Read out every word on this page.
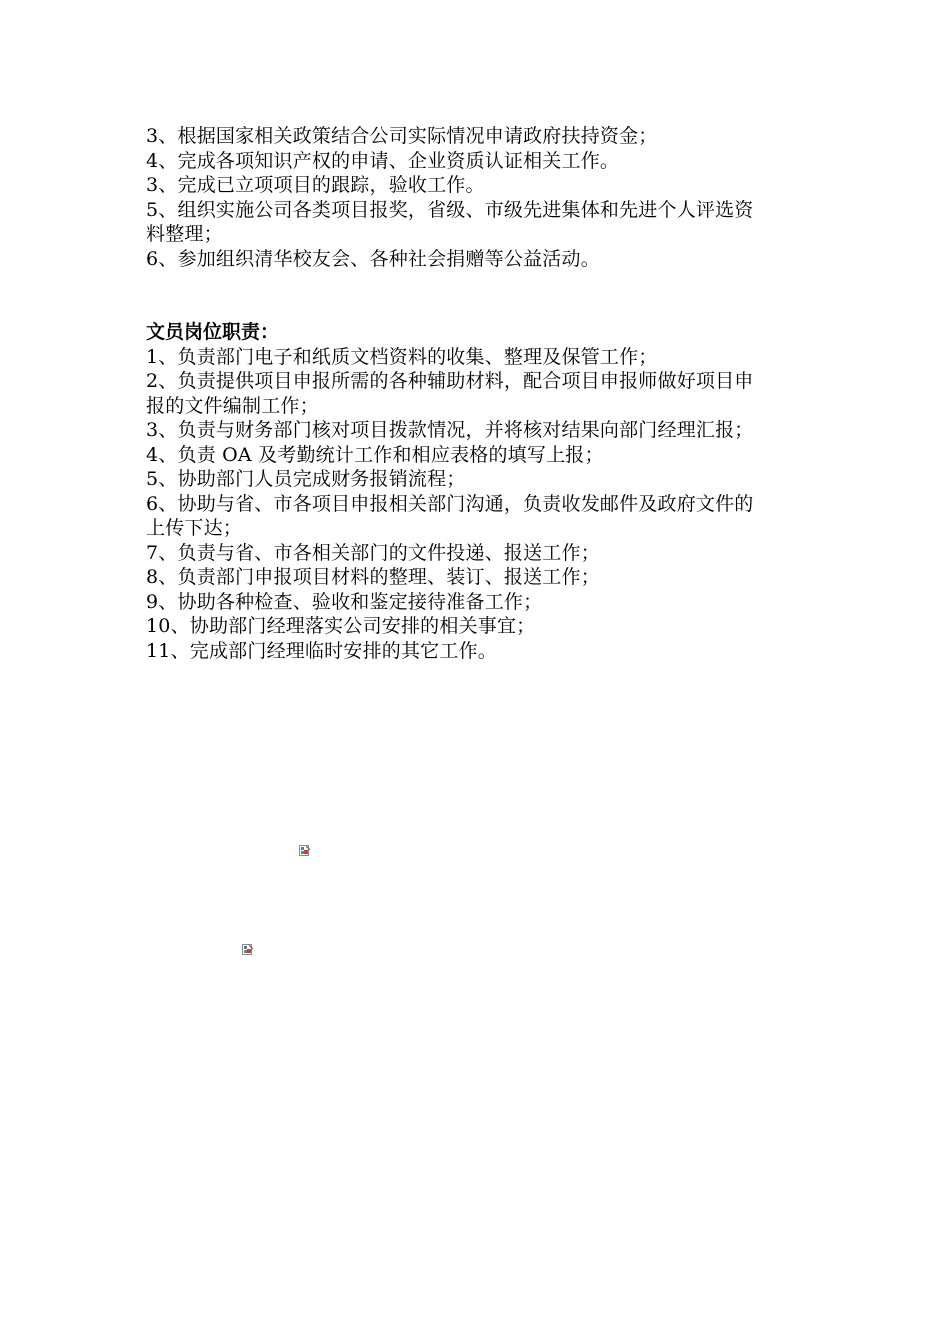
3、根据国家相关政策结合公司实际情况申请政府扶持资金；
4、完成各项知识产权的申请、企业资质认证相关工作。
3、完成已立项项目的跟踪，验收工作。
5、组织实施公司各类项目报奖，省级、市级先进集体和先进个人评选资
料整理；
6、参加组织清华校友会、各种社会捐赠等公益活动。
文员岗位职责：
1、负责部门电子和纸质文档资料的收集、整理及保管工作；
2、负责提供项目申报所需的各种辅助材料，配合项目申报师做好项目申
报的文件编制工作；
3、负责与财务部门核对项目拨款情况，并将核对结果向部门经理汇报；
4、负责 OA 及考勤统计工作和相应表格的填写上报；
5、协助部门人员完成财务报销流程；
6、协助与省、市各项目申报相关部门沟通，负责收发邮件及政府文件的
上传下达；
7、负责与省、市各相关部门的文件投递、报送工作；
8、负责部门申报项目材料的整理、装订、报送工作；
9、协助各种检查、验收和鉴定接待准备工作；
10、协助部门经理落实公司安排的相关事宜；
11、完成部门经理临时安排的其它工作。
